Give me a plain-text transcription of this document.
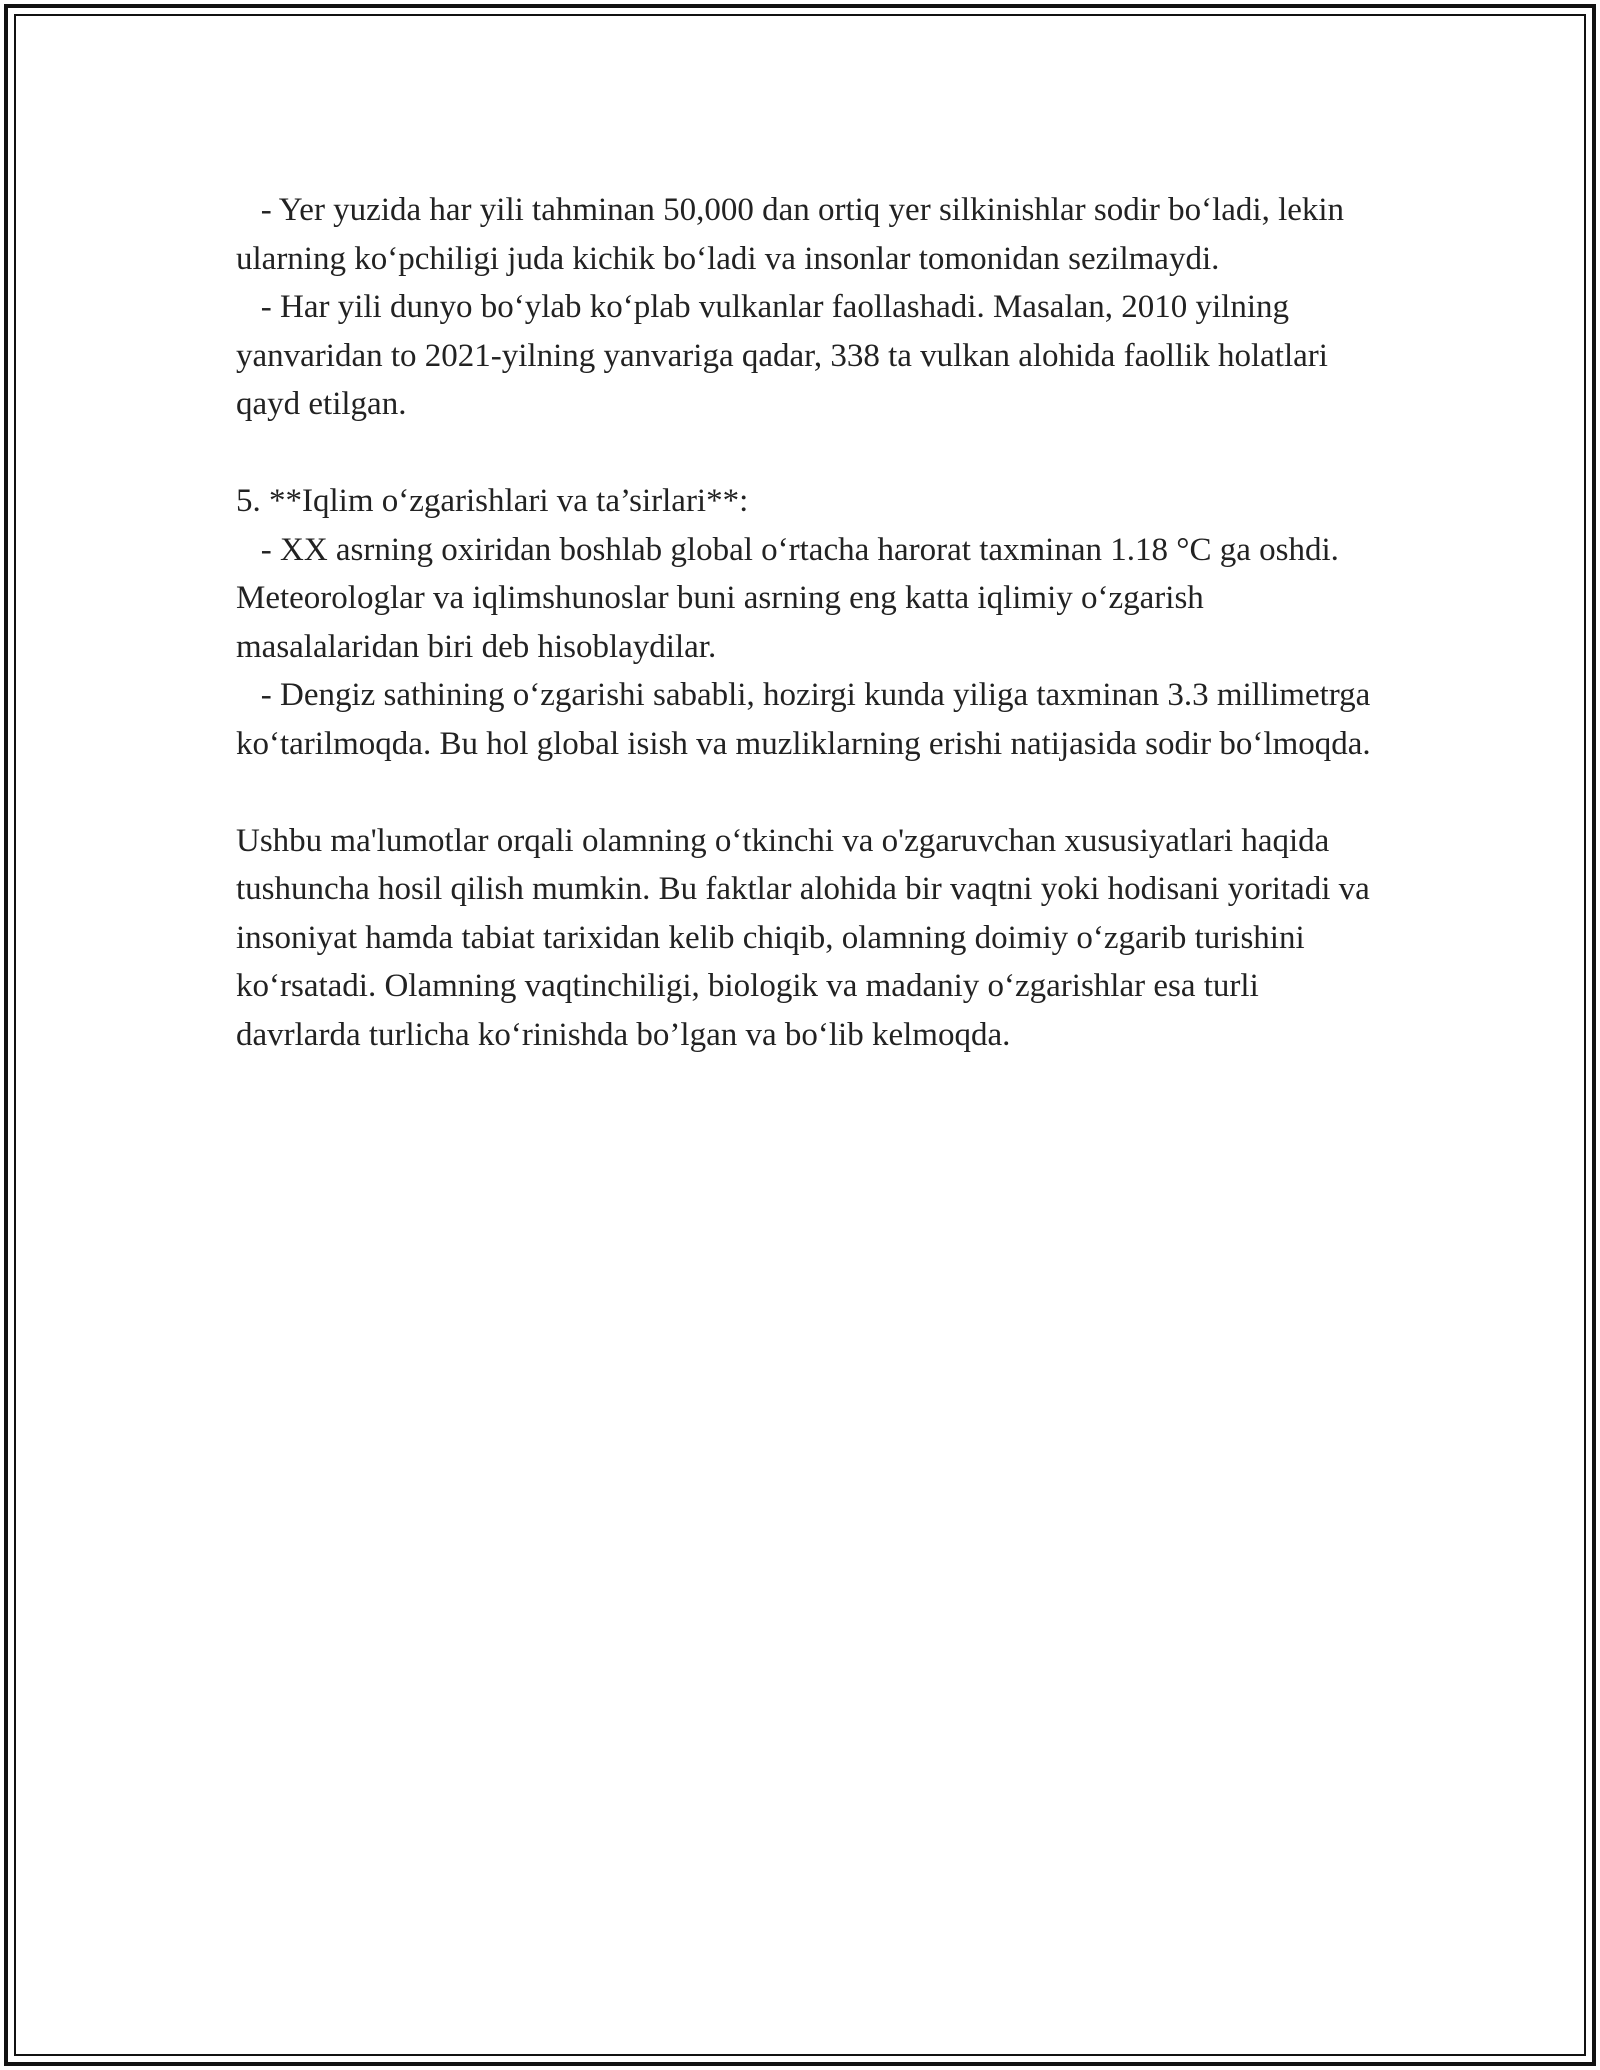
- Yer yuzida har yili tahminan 50,000 dan ortiq yer silkinishlar sodir bo‘ladi, lekin ularning ko‘pchiligi juda kichik bo‘ladi va insonlar tomonidan sezilmaydi.

- Har yili dunyo bo‘ylab ko‘plab vulkanlar faollashadi. Masalan, 2010 yilning yanvaridan to 2021-yilning yanvariga qadar, 338 ta vulkan alohida faollik holatlari qayd etilgan.

5. **Iqlim o‘zgarishlari va ta’sirlari**:

- XX asrning oxiridan boshlab global o‘rtacha harorat taxminan 1.18 °C ga oshdi. Meteorologlar va iqlimshunoslar buni asrning eng katta iqlimiy o‘zgarish masalalaridan biri deb hisoblaydilar.

- Dengiz sathining o‘zgarishi sababli, hozirgi kunda yiliga taxminan 3.3 millimetrga ko‘tarilmoqda. Bu hol global isish va muzliklarning erishi natijasida sodir bo‘lmoqda.

Ushbu ma'lumotlar orqali olamning o‘tkinchi va o'zgaruvchan xususiyatlari haqida tushuncha hosil qilish mumkin. Bu faktlar alohida bir vaqtni yoki hodisani yoritadi va insoniyat hamda tabiat tarixidan kelib chiqib, olamning doimiy o‘zgarib turishini ko‘rsatadi. Olamning vaqtinchiligi, biologik va madaniy o‘zgarishlar esa turli davrlarda turlicha ko‘rinishda bo’lgan va bo‘lib kelmoqda.
